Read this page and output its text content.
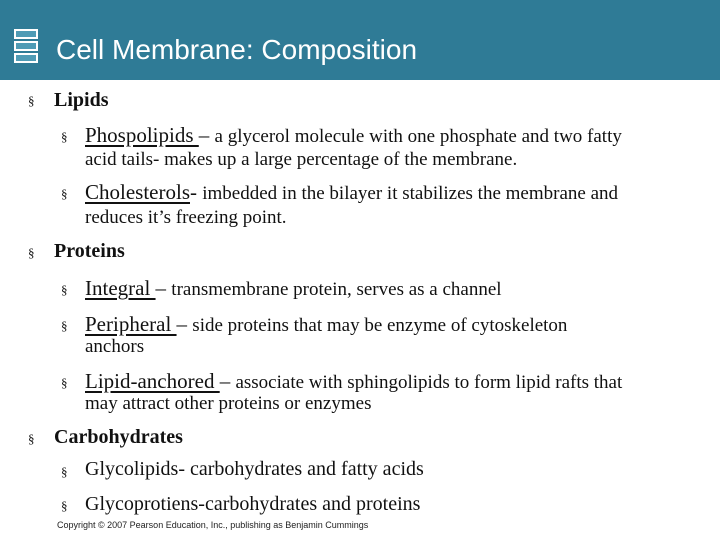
Cell Membrane: Composition
§ Lipids
§ Phospolipids – a glycerol molecule with one phosphate and two fatty
acid tails- makes up a large percentage of the membrane.
§ Cholesterols- imbedded in the bilayer it stabilizes the membrane and
reduces it’s freezing point.
§ Proteins
§ Integral – transmembrane protein, serves as a channel
§ Peripheral – side proteins that may be enzyme of cytoskeleton
anchors
§ Lipid-anchored – associate with sphingolipids to form lipid rafts that
may attract other proteins or enzymes
§ Carbohydrates
§ Glycolipids- carbohydrates and fatty acids
§ Glycoprotiens-carbohydrates and proteins
Copyright © 2007 Pearson Education, Inc., publishing as Benjamin Cummings
